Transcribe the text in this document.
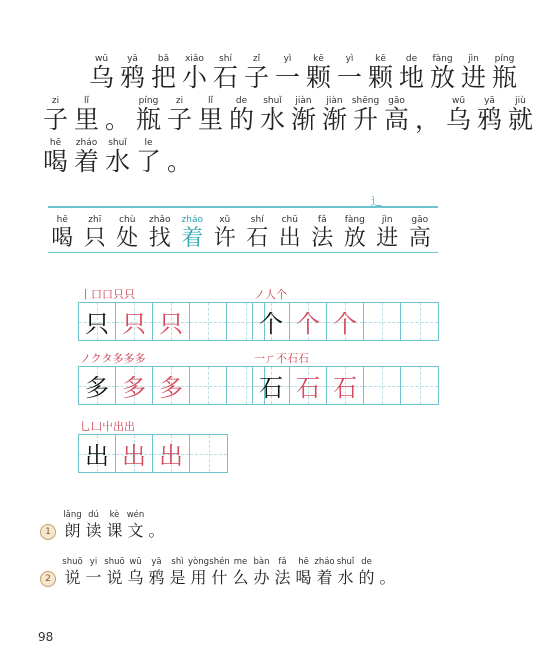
wū
乌
yā
鸦
bǎ
把
xiǎo
小
shí
石
zǐ
子
yì
一
kē
颗
yì
一
kē
颗
de
地
fàng
放
jìn
进
píng
瓶
zi
子
lǐ
里 。
píng
瓶
zi
子
lǐ
里
de
的
shuǐ
水
jiàn
渐
jiàn
渐
shēng
升
gāo
高 ，
wū
乌
yā
鸦
jiù
就
hē
喝
zháo
着
shuǐ
水
le
了 。
辶
hē
喝
zhī
只
chù
处
zhǎo
找
zháo
着
xǔ
许
shí
石
chū
出
fǎ
法
fàng
放
jìn
进
gāo
高
丨口口只只
只 只 只
ノ人个
个 个 个
ノクタ多多多
多 多 多
一ㄏ不石石
石 石 石
乚凵屮出出
出 出 出
1
lǎng
朗
dú
读
kè
课
wén
文 。
2
shuō
说
yi
一
shuō
说
wū
乌
yā
鸦
shì
是
yòng
用
shén
什
me
么
bàn
办
fǎ
法
hē
喝
zháo
着
shuǐ
水
de
的 。
98
